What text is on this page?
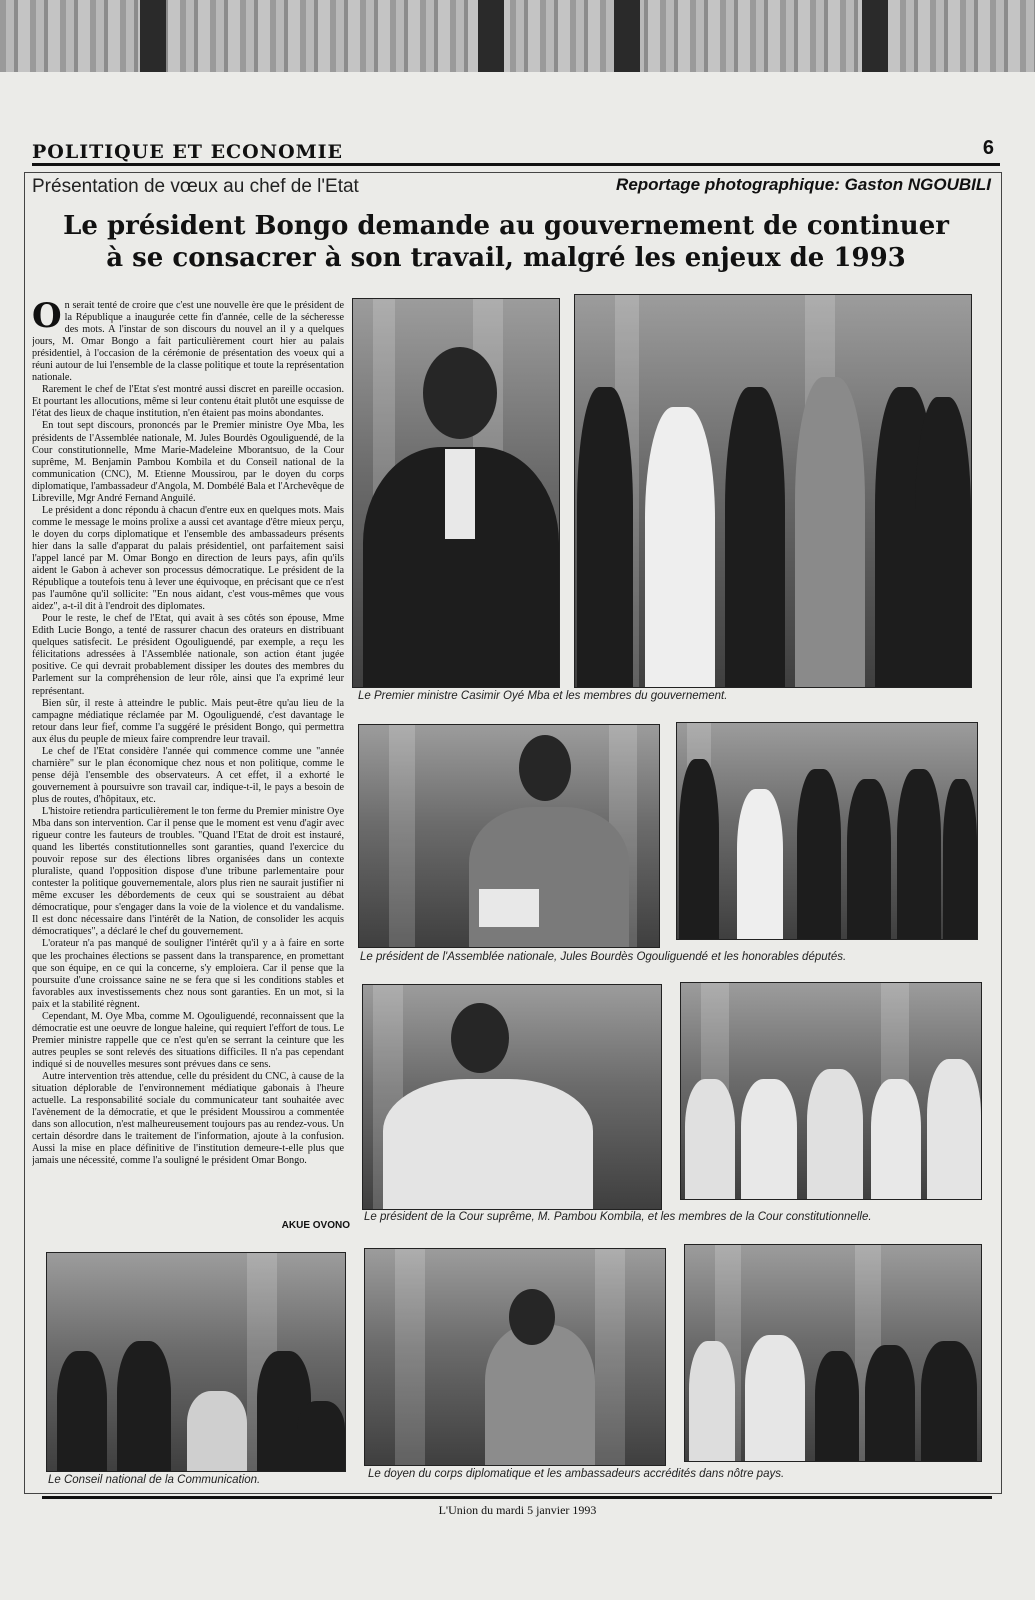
POLITIQUE ET ECONOMIE	6
Présentation de vœux au chef de l'Etat	Reportage photographique: Gaston NGOUBILI
Le président Bongo demande au gouvernement de continuer
à se consacrer à son travail, malgré les enjeux de 1993

On serait tenté de croire que c'est une nouvelle ère que le président de la République a inaugurée cette fin d'année, celle de la sécheresse des mots. A l'instar de son discours du nouvel an il y a quelques jours, M. Omar Bongo a fait particulièrement court hier au palais présidentiel, à l'occasion de la cérémonie de présentation des voeux qui a réuni autour de lui l'ensemble de la classe politique et toute la représentation nationale.

Rarement le chef de l'Etat s'est montré aussi discret en pareille occasion. Et pourtant les allocutions, même si leur contenu était plutôt une esquisse de l'état des lieux de chaque institution, n'en étaient pas moins abondantes.

En tout sept discours, prononcés par le Premier ministre Oye Mba, les présidents de l'Assemblée nationale, M. Jules Bourdès Ogouliguendé, de la Cour constitutionnelle, Mme Marie-Madeleine Mborantsuo, de la Cour suprême, M. Benjamin Pambou Kombila et du Conseil national de la communication (CNC), M. Etienne Moussirou, par le doyen du corps diplomatique, l'ambassadeur d'Angola, M. Dombélé Bala et l'Archevêque de Libreville, Mgr André Fernand Anguilé.

Le président a donc répondu à chacun d'entre eux en quelques mots. Mais comme le message le moins prolixe a aussi cet avantage d'être mieux perçu, le doyen du corps diplomatique et l'ensemble des ambassadeurs présents hier dans la salle d'apparat du palais présidentiel, ont parfaitement saisi l'appel lancé par M. Omar Bongo en direction de leurs pays, afin qu'ils aident le Gabon à achever son processus démocratique. Le président de la République a toutefois tenu à lever une équivoque, en précisant que ce n'est pas l'aumône qu'il sollicite: "En nous aidant, c'est vous-mêmes que vous aidez", a-t-il dit à l'endroit des diplomates.

Pour le reste, le chef de l'Etat, qui avait à ses côtés son épouse, Mme Edith Lucie Bongo, a tenté de rassurer chacun des orateurs en distribuant quelques satisfecit. Le président Ogouliguendé, par exemple, a reçu les félicitations adressées à l'Assemblée nationale, son action étant jugée positive. Ce qui devrait probablement dissiper les doutes des membres du Parlement sur la compréhension de leur rôle, ainsi que l'a exprimé leur représentant.

Bien sûr, il reste à atteindre le public. Mais peut-être qu'au lieu de la campagne médiatique réclamée par M. Ogouliguendé, c'est davantage le retour dans leur fief, comme l'a suggéré le président Bongo, qui permettra aux élus du peuple de mieux faire comprendre leur travail.

Le chef de l'Etat considère l'année qui commence comme une "année charnière" sur le plan économique chez nous et non politique, comme le pense déjà l'ensemble des observateurs. A cet effet, il a exhorté le gouvernement à poursuivre son travail car, indique-t-il, le pays a besoin de plus de routes, d'hôpitaux, etc.

L'histoire retiendra particulièrement le ton ferme du Premier ministre Oye Mba dans son intervention. Car il pense que le moment est venu d'agir avec rigueur contre les fauteurs de troubles. "Quand l'Etat de droit est instauré, quand les libertés constitutionnelles sont garanties, quand l'exercice du pouvoir repose sur des élections libres organisées dans un contexte pluraliste, quand l'opposition dispose d'une tribune parlementaire pour contester la politique gouvernementale, alors plus rien ne saurait justifier ni même excuser les débordements de ceux qui se soustraient au débat démocratique, pour s'engager dans la voie de la violence et du vandalisme. Il est donc nécessaire dans l'intérêt de la Nation, de consolider les acquis démocratiques", a déclaré le chef du gouvernement.

L'orateur n'a pas manqué de souligner l'intérêt qu'il y a à faire en sorte que les prochaines élections se passent dans la transparence, en promettant que son équipe, en ce qui la concerne, s'y emploiera. Car il pense que la poursuite d'une croissance saine ne se fera que si les conditions stables et favorables aux investissements chez nous sont garanties. En un mot, si la paix et la stabilité règnent.

Cependant, M. Oye Mba, comme M. Ogouliguendé, reconnaissent que la démocratie est une oeuvre de longue haleine, qui requiert l'effort de tous. Le Premier ministre rappelle que ce n'est qu'en se serrant la ceinture que les autres peuples se sont relevés des situations difficiles. Il n'a pas cependant indiqué si de nouvelles mesures sont prévues dans ce sens.

Autre intervention très attendue, celle du président du CNC, à cause de la situation déplorable de l'environnement médiatique gabonais à l'heure actuelle. La responsabilité sociale du communicateur tant souhaitée avec l'avènement de la démocratie, et que le président Moussirou a commentée dans son allocution, n'est malheureusement toujours pas au rendez-vous. Un certain désordre dans le traitement de l'information, ajoute à la confusion. Aussi la mise en place définitive de l'institution demeure-t-elle plus que jamais une nécessité, comme l'a souligné le président Omar Bongo.

AKUE OVONO
Le Premier ministre Casimir Oyé Mba et les membres du gouvernement.
Le président de l'Assemblée nationale, Jules Bourdès Ogouliguendé et les honorables députés.
Le président de la Cour suprême, M. Pambou Kombila, et les membres de la Cour constitutionnelle.
Le Conseil national de la Communication.	Le doyen du corps diplomatique et les ambassadeurs accrédités dans nôtre pays.
L'Union du mardi 5 janvier 1993
